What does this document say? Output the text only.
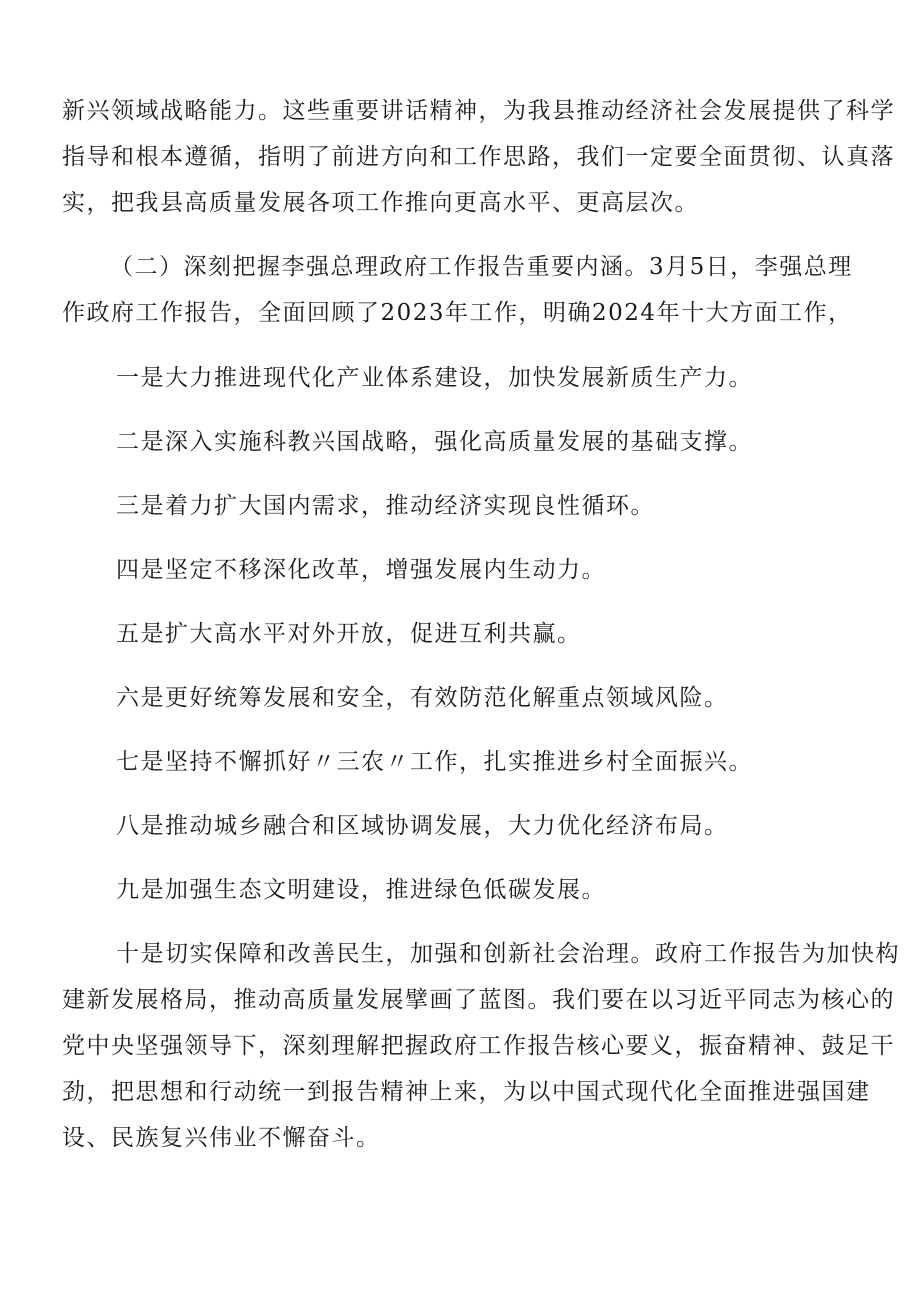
新兴领域战略能力。这些重要讲话精神，为我县推动经济社会发展提供了科学
指导和根本遵循，指明了前进方向和工作思路，我们一定要全面贯彻、认真落
实，把我县高质量发展各项工作推向更高水平、更高层次。
（二）深刻把握李强总理政府工作报告重要内涵。3月5日，李强总理
作政府工作报告，全面回顾了2023年工作，明确2024年十大方面工作，
一是大力推进现代化产业体系建设，加快发展新质生产力。
二是深入实施科教兴国战略，强化高质量发展的基础支撑。
三是着力扩大国内需求，推动经济实现良性循环。
四是坚定不移深化改革，增强发展内生动力。
五是扩大高水平对外开放，促进互利共赢。
六是更好统筹发展和安全，有效防范化解重点领域风险。
七是坚持不懈抓好〃三农〃工作，扎实推进乡村全面振兴。
八是推动城乡融合和区域协调发展，大力优化经济布局。
九是加强生态文明建设，推进绿色低碳发展。
十是切实保障和改善民生，加强和创新社会治理。政府工作报告为加快构
建新发展格局，推动高质量发展擘画了蓝图。我们要在以习近平同志为核心的
党中央坚强领导下，深刻理解把握政府工作报告核心要义，振奋精神、鼓足干
劲，把思想和行动统一到报告精神上来，为以中国式现代化全面推进强国建
设、民族复兴伟业不懈奋斗。
